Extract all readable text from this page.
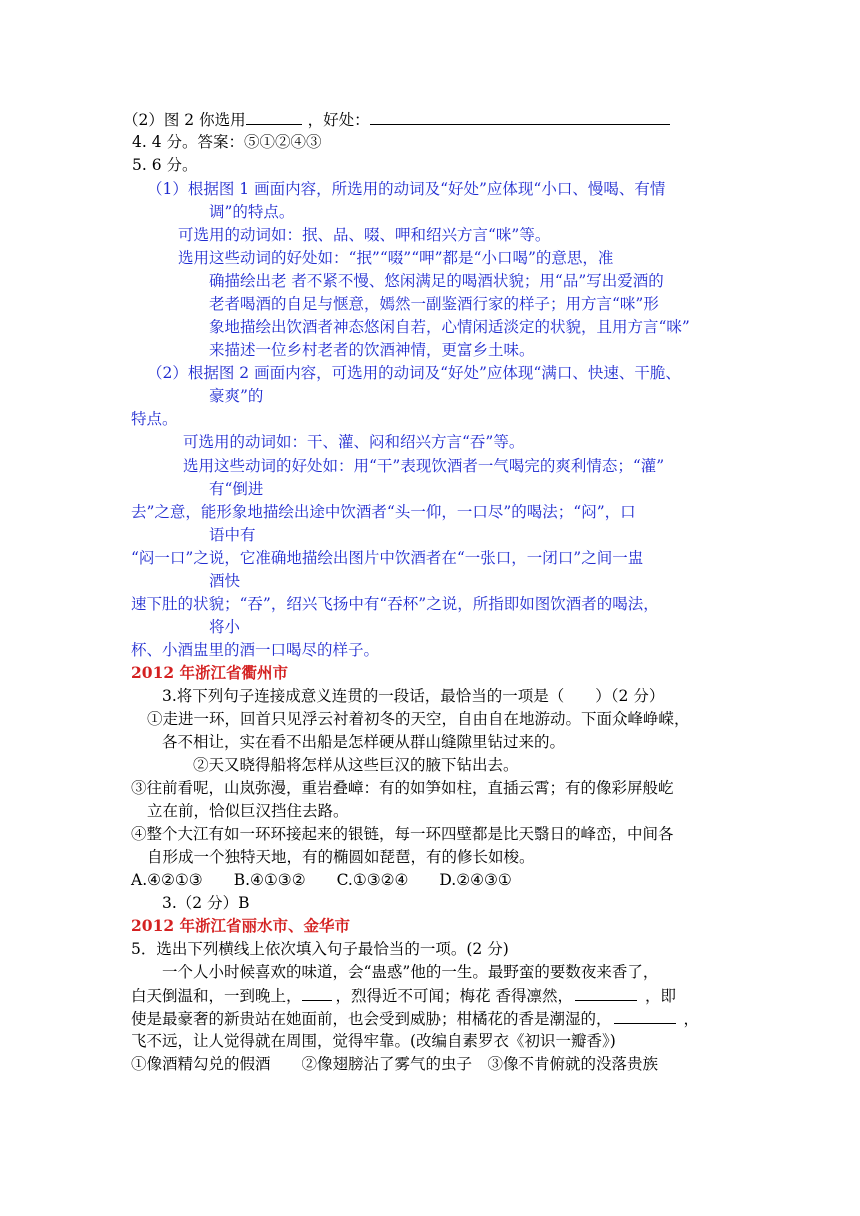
（2）图 2 你选用	，好处：
4. 4 分。答案：⑤①②④③
5. 6 分。
（1）根据图 1 画面内容，所选用的动词及“好处”应体现“小口、慢喝、有情
调”的特点。
可选用的动词如：抿、品、啜、呷和绍兴方言“咪”等。
选用这些动词的好处如：“抿”“啜”“呷”都是“小口喝”的意思，准
确描绘出老 者不紧不慢、悠闲满足的喝酒状貌；用“品”写出爱酒的
老者喝酒的自足与惬意，嫣然一副鉴酒行家的样子；用方言“咪”形
象地描绘出饮酒者神态悠闲自若，心情闲适淡定的状貌，且用方言“咪”
来描述一位乡村老者的饮酒神情，更富乡土味。
（2）根据图 2 画面内容，可选用的动词及“好处”应体现“满口、快速、干脆、
豪爽”的
特点。
可选用的动词如：干、灌、闷和绍兴方言“吞”等。
选用这些动词的好处如：用“干”表现饮酒者一气喝完的爽利情态；“灌”
有“倒进
去”之意，能形象地描绘出途中饮酒者“头一仰，一口尽”的喝法；“闷”，口
语中有
“闷一口”之说，它准确地描绘出图片中饮酒者在“一张口，一闭口”之间一盅
酒快
速下肚的状貌；“吞”，绍兴飞扬中有“吞杯”之说，所指即如图饮酒者的喝法，
将小
杯、小酒盅里的酒一口喝尽的样子。
2012 年浙江省衢州市
3.将下列句子连接成意义连贯的一段话，最恰当的一项是（　　）（2 分）
①走进一环，回首只见浮云衬着初冬的天空，自由自在地游动。下面众峰峥嵘，
各不相让，实在看不出船是怎样硬从群山缝隙里钻过来的。
②天又晓得船将怎样从这些巨汉的腋下钻出去。
③往前看呢，山岚弥漫，重岩叠嶂：有的如笋如柱，直插云霄；有的像彩屏般屹
立在前，恰似巨汉挡住去路。
④整个大江有如一环环接起来的银链，每一环四壁都是比天翳日的峰峦，中间各
自形成一个独特天地，有的椭圆如琵琶，有的修长如梭。
A.④②①③　　B.④①③②　　C.①③②④　　D.②④③①
3.（2 分）B
2012 年浙江省丽水市、金华市
5．选出下列横线上依次填入句子最恰当的一项。(2 分)
一个人小时候喜欢的味道，会“蛊惑”他的一生。最野蛮的要数夜来香了，
白天倒温和，一到晚上， ，烈得近不可闻；梅花 香得凛然，	，即
使是最豪奢的新贵站在她面前，也会受到威胁；柑橘花的香是潮湿的，	，
飞不远，让人觉得就在周围，觉得牢靠。(改编自素罗衣《初识一瓣香》)
①像酒精勾兑的假酒　　②像翅膀沾了雾气的虫子　③像不肯俯就的没落贵族
